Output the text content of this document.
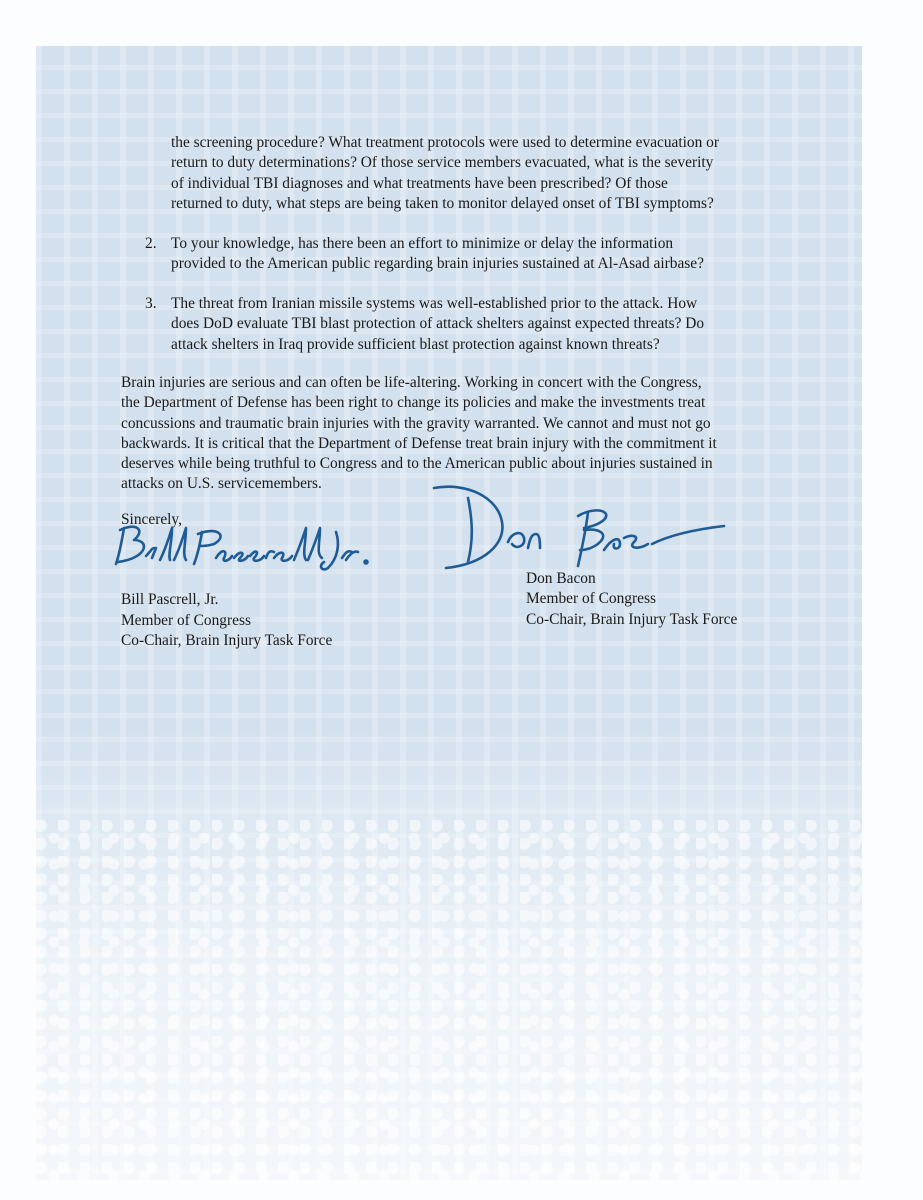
the screening procedure? What treatment protocols were used to determine evacuation or
return to duty determinations? Of those service members evacuated, what is the severity
of individual TBI diagnoses and what treatments have been prescribed? Of those
returned to duty, what steps are being taken to monitor delayed onset of TBI symptoms?

2. To your knowledge, has there been an effort to minimize or delay the information
provided to the American public regarding brain injuries sustained at Al-Asad airbase?
3. The threat from Iranian missile systems was well-established prior to the attack. How
does DoD evaluate TBI blast protection of attack shelters against expected threats? Do
attack shelters in Iraq provide sufficient blast protection against known threats?

Brain injuries are serious and can often be life-altering. Working in concert with the Congress,
the Department of Defense has been right to change its policies and make the investments treat
concussions and traumatic brain injuries with the gravity warranted. We cannot and must not go
backwards. It is critical that the Department of Defense treat brain injury with the commitment it
deserves while being truthful to Congress and to the American public about injuries sustained in
attacks on U.S. servicemembers.

Sincerely,
Bill Pascrell, Jr.
Member of Congress
Co-Chair, Brain Injury Task Force
Don Bacon
Member of Congress
Co-Chair, Brain Injury Task Force
